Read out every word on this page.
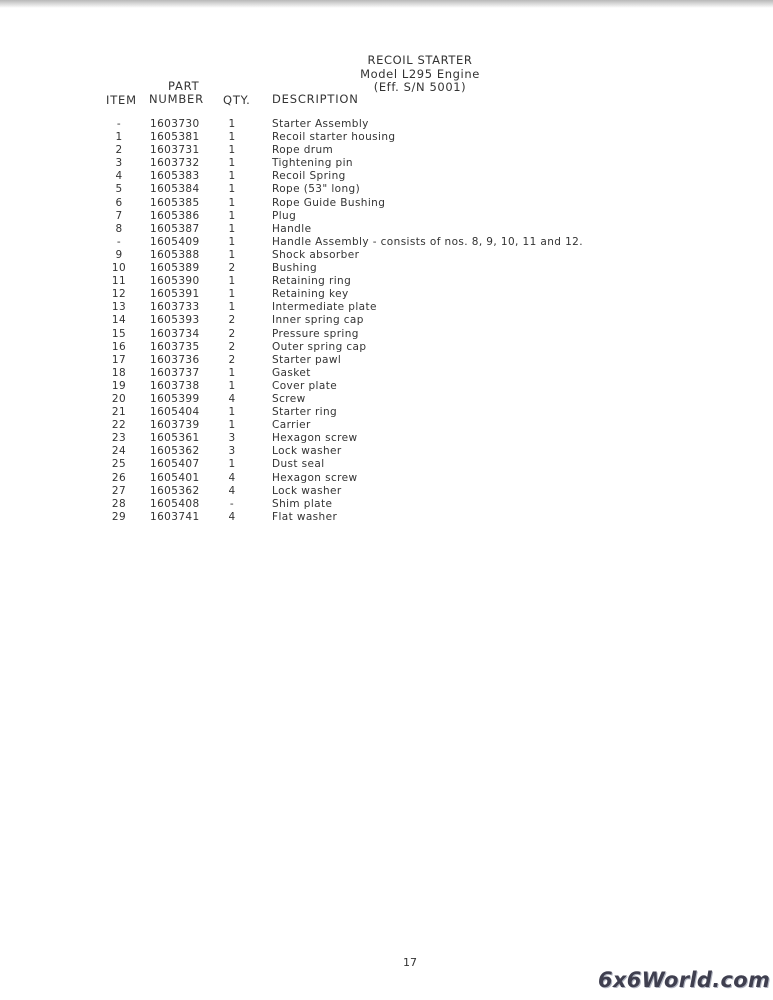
RECOIL STARTER
Model L295 Engine
(Eff. S/N 5001)
PART
ITEM NUMBER QTY. DESCRIPTION
-	1603730	1	Starter Assembly
1	1605381	1	Recoil starter housing
2	1603731	1	Rope drum
3	1603732	1	Tightening pin
4	1605383	1	Recoil Spring
5	1605384	1	Rope (53" long)
6	1605385	1	Rope Guide Bushing
7	1605386	1	Plug
8	1605387	1	Handle
-	1605409	1	Handle Assembly - consists of nos. 8, 9, 10, 11 and 12.
9	1605388	1	Shock absorber
10	1605389	2	Bushing
11	1605390	1	Retaining ring
12	1605391	1	Retaining key
13	1603733	1	Intermediate plate
14	1605393	2	Inner spring cap
15	1603734	2	Pressure spring
16	1603735	2	Outer spring cap
17	1603736	2	Starter pawl
18	1603737	1	Gasket
19	1603738	1	Cover plate
20	1605399	4	Screw
21	1605404	1	Starter ring
22	1603739	1	Carrier
23	1605361	3	Hexagon screw
24	1605362	3	Lock washer
25	1605407	1	Dust seal
26	1605401	4	Hexagon screw
27	1605362	4	Lock washer
28	1605408	-	Shim plate
29	1603741	4	Flat washer
17
6x6World.com
